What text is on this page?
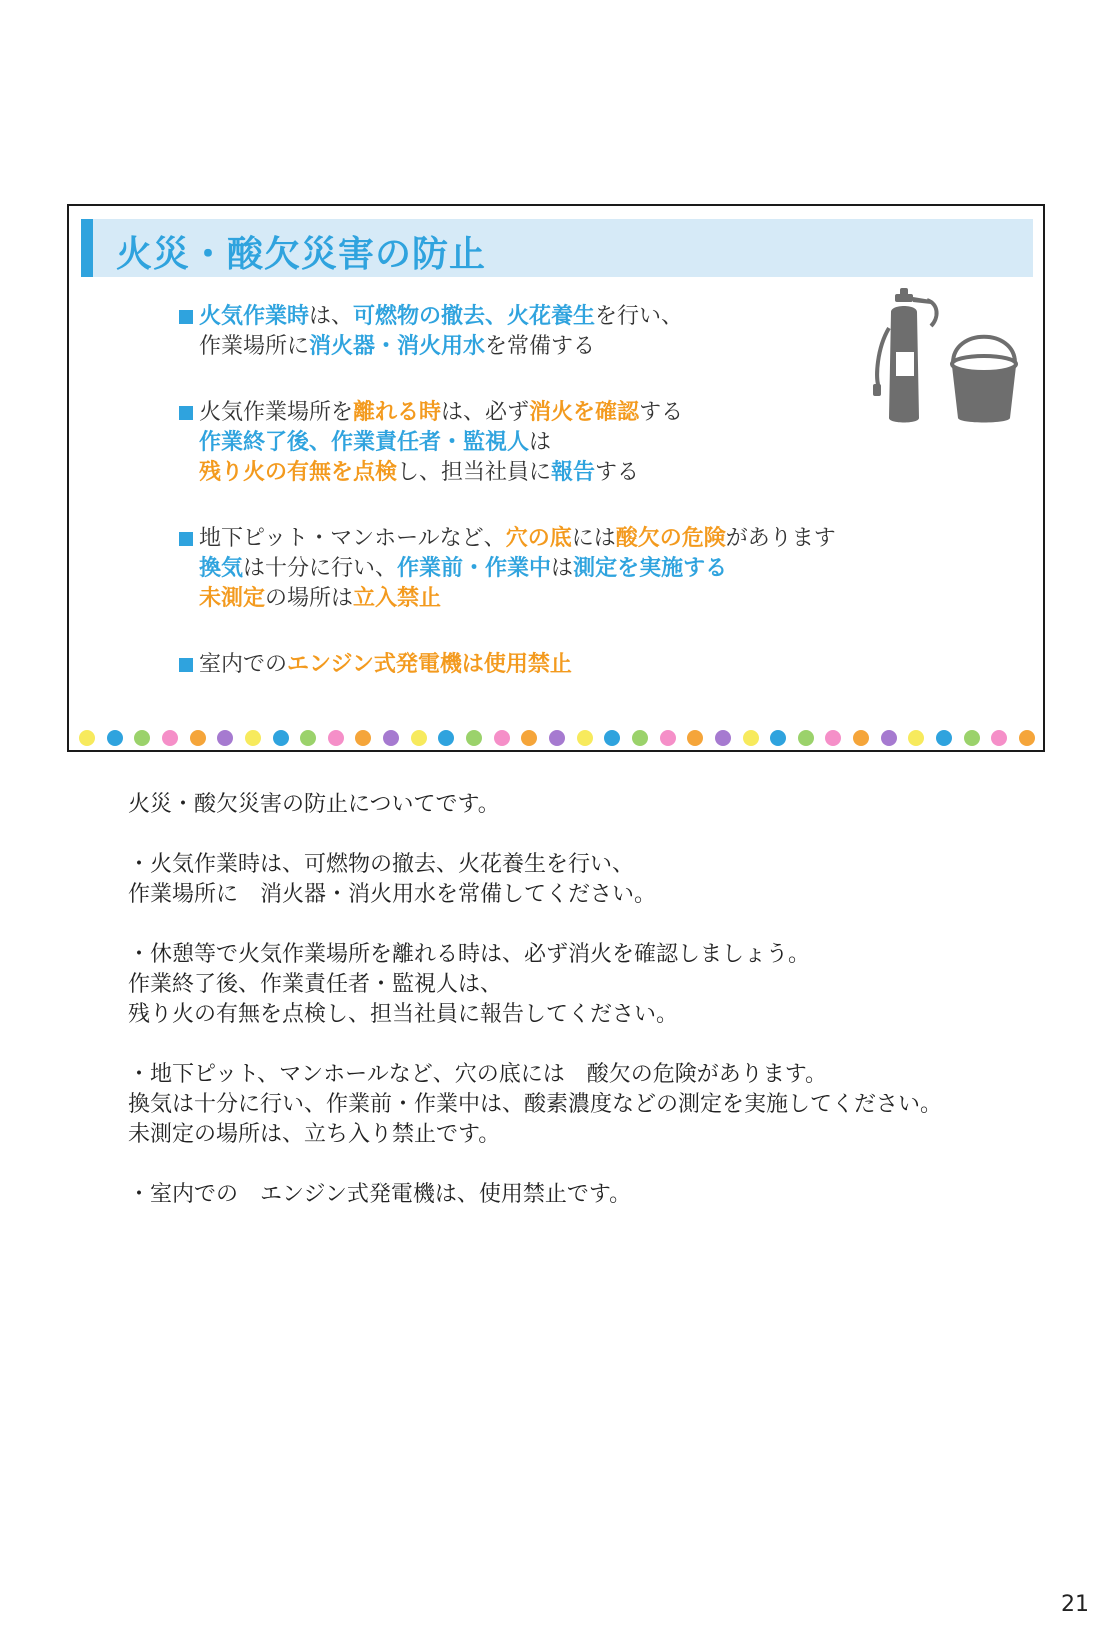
火災・酸欠災害の防止
火気作業時は、可燃物の撤去、火花養生を行い、
作業場所に消火器・消火用水を常備する
火気作業場所を離れる時は、必ず消火を確認する
作業終了後、作業責任者・監視人は
残り火の有無を点検し、担当社員に報告する
地下ピット・マンホールなど、穴の底には酸欠の危険があります
換気は十分に行い、作業前・作業中は測定を実施する
未測定の場所は立入禁止
室内でのエンジン式発電機は使用禁止
火災・酸欠災害の防止についてです。
・火気作業時は、可燃物の撤去、火花養生を行い、
作業場所に　消火器・消火用水を常備してください。
・休憩等で火気作業場所を離れる時は、必ず消火を確認しましょう。
作業終了後、作業責任者・監視人は、
残り火の有無を点検し、担当社員に報告してください。
・地下ピット、マンホールなど、穴の底には　酸欠の危険があります。
換気は十分に行い、作業前・作業中は、酸素濃度などの測定を実施してください。
未測定の場所は、立ち入り禁止です。
・室内での　エンジン式発電機は、使用禁止です。
21
